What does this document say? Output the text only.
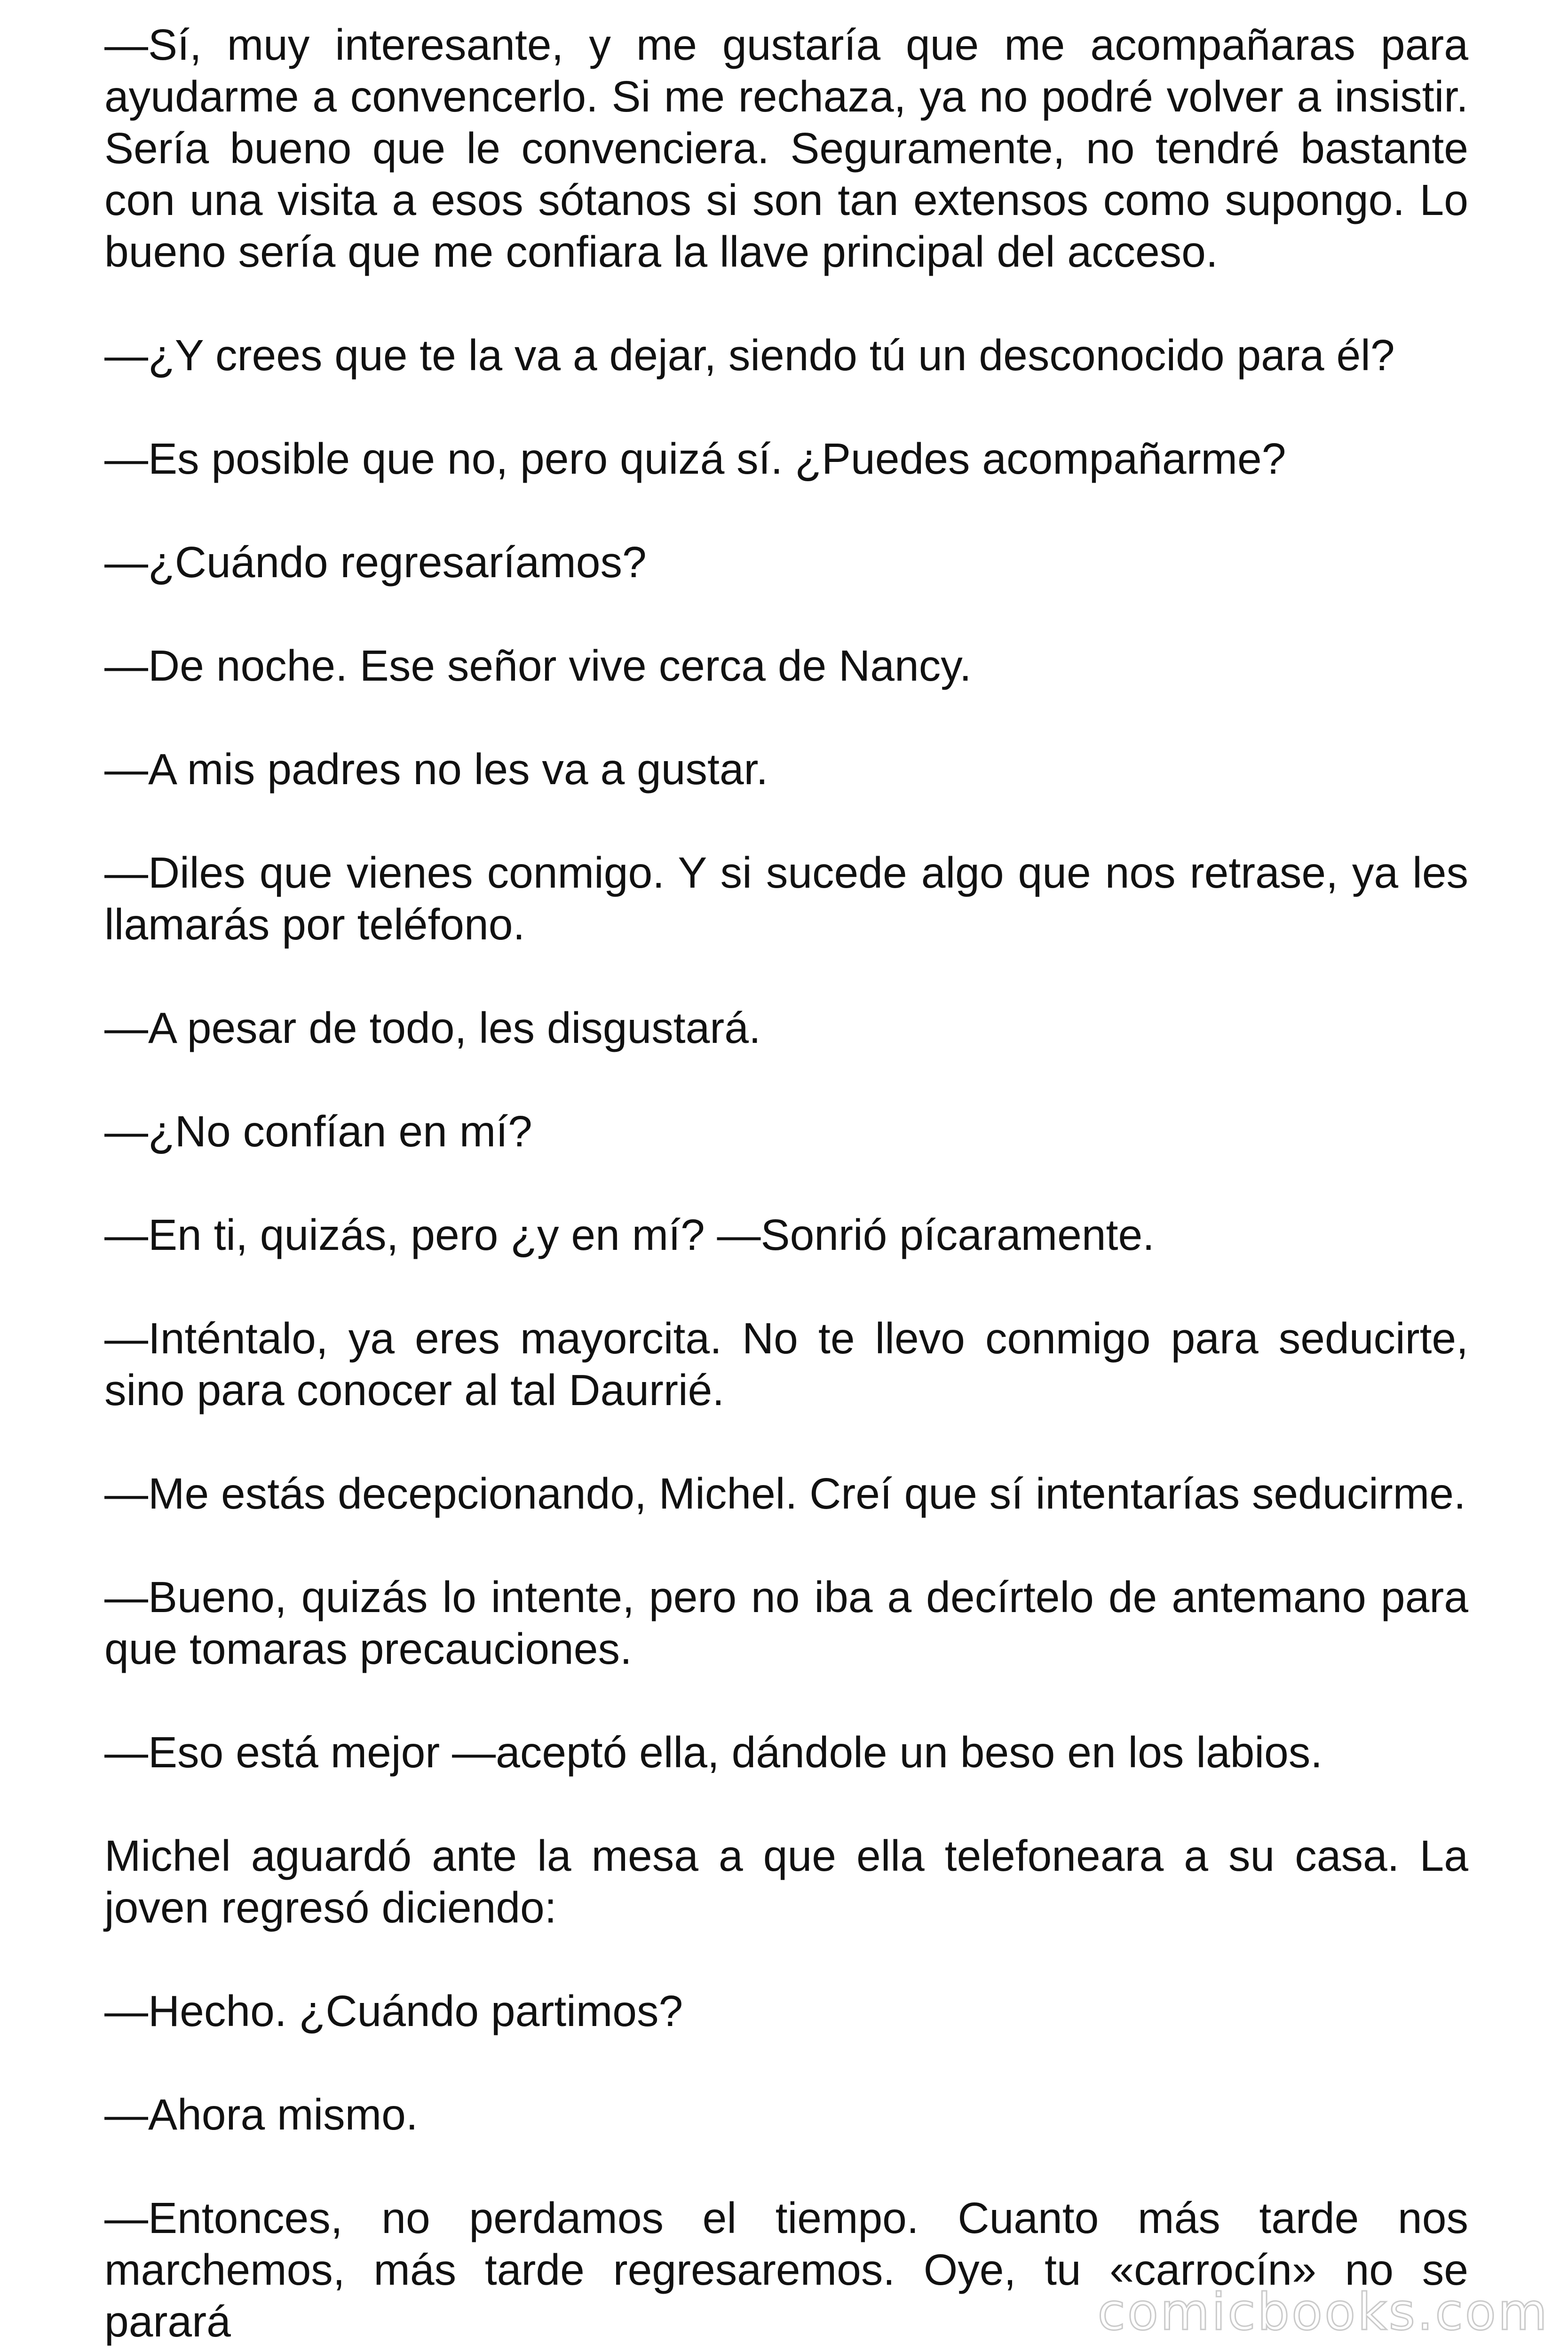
—Sí, muy interesante, y me gustaría que me acompañaras para ayudarme a convencerlo. Si me rechaza, ya no podré volver a insistir. Sería bueno que le convenciera. Seguramente, no tendré bastante con una visita a esos sótanos si son tan extensos como supongo. Lo bueno sería que me confiara la llave principal del acceso.

—¿Y crees que te la va a dejar, siendo tú un desconocido para él?

—Es posible que no, pero quizá sí. ¿Puedes acompañarme?

—¿Cuándo regresaríamos?

—De noche. Ese señor vive cerca de Nancy.

—A mis padres no les va a gustar.

—Diles que vienes conmigo. Y si sucede algo que nos retrase, ya les llamarás por teléfono.

—A pesar de todo, les disgustará.

—¿No confían en mí?

—En ti, quizás, pero ¿y en mí? —Sonrió pícaramente.

—Inténtalo, ya eres mayorcita. No te llevo conmigo para seducirte, sino para conocer al tal Daurrié.

—Me estás decepcionando, Michel. Creí que sí intentarías seducirme.

—Bueno, quizás lo intente, pero no iba a decírtelo de antemano para que tomaras precauciones.

—Eso está mejor —aceptó ella, dándole un beso en los labios.

Michel aguardó ante la mesa a que ella telefoneara a su casa. La joven regresó diciendo:

—Hecho. ¿Cuándo partimos?

—Ahora mismo.

—Entonces, no perdamos el tiempo. Cuanto más tarde nos marchemos, más tarde regresaremos. Oye, tu «carrocín» no se parará	comicbooks.com
